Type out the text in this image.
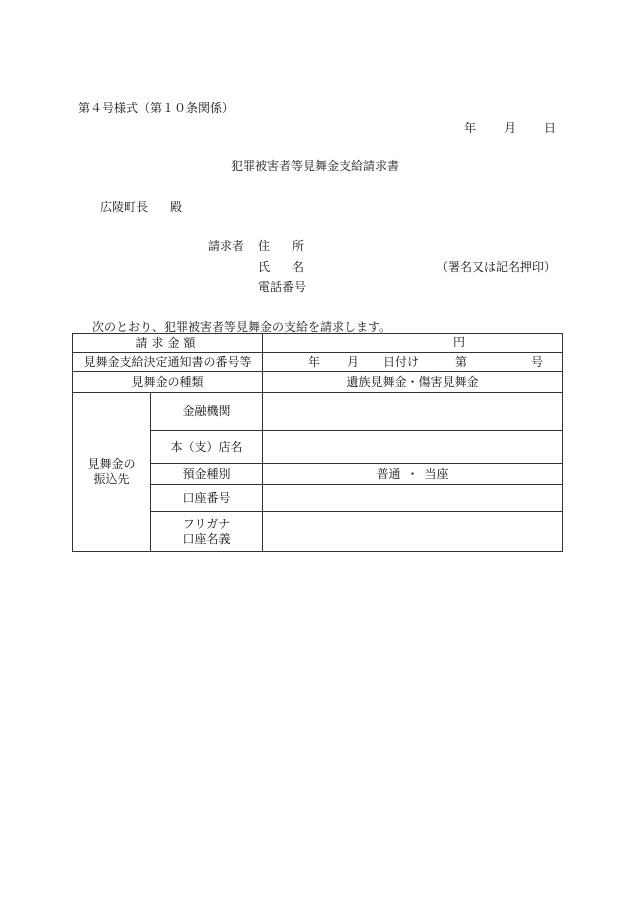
第４号様式（第１０条関係）
年 月 日
犯罪被害者等見舞金支給請求書
広陵町長 殿
請求者 住 所
氏 名
電話番号
（署名又は記名押印）
次のとおり、犯罪被害者等見舞金の支給を請求します。
請求金額		円

見舞金支給決定通知書の番号等		年 月 日付け 第 号

見舞金の種類		遺族見舞金・傷害見舞金
見舞金の
振込先	金融機関	
	本（支）店名	
	預金種別	普通 ・ 当座
	口座番号	
	フリガナ
口座名義	
